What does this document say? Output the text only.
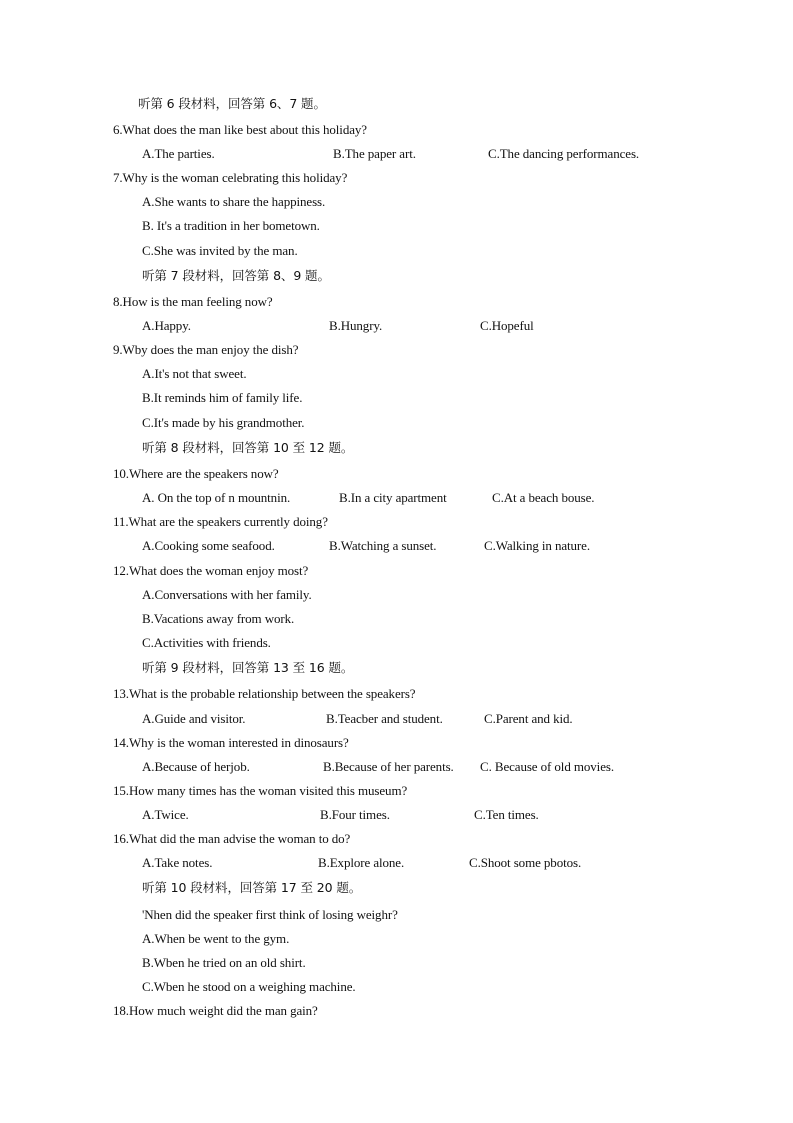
听第 6 段材料，回答第 6、7 题。
6.What does the man like best about this holiday?
A.The parties.	B.The paper art.	C.The dancing performances.
7.Why is the woman celebrating this holiday?
A.She wants to share the happiness.
B. It's a tradition in her bometown.
C.She was invited by the man.
听第 7 段材料，回答第 8、9 题。
8.How is the man feeling now?
A.Happy.	B.Hungry.	C.Hopeful
9.Wby does the man enjoy the dish?
A.It's not that sweet.
B.It reminds him of family life.
C.It's made by his grandmother.
听第 8 段材料，回答第 10 至 12 题。
10.Where are the speakers now?
A. On the top of n mountnin.	B.In a city apartment	C.At a beach bouse.
11.What are the speakers currently doing?
A.Cooking some seafood.	B.Watching a sunset.	C.Walking in nature.
12.What does the woman enjoy most?
A.Conversations with her family.
B.Vacations away from work.
C.Activities with friends.
听第 9 段材料，回答第 13 至 16 题。
13.What is the probable relationship between the speakers?
A.Guide and visitor.	B.Teacber and student.	C.Parent and kid.
14.Why is the woman interested in dinosaurs?
A.Because of herjob.	B.Because of her parents. C. Because of old movies.
15.How many times has the woman visited this museum?
A.Twice.	B.Four times.	C.Ten times.
16.What did the man advise the woman to do?
A.Take notes.	B.Explore alone.	C.Shoot some pbotos.
听第 10 段材料，回答第 17 至 20 题。
'Nhen did the speaker first think of losing weighr?
A.When be went to the gym.
B.Wben he tried on an old shirt.
C.Wben he stood on a weighing machine.
18.How much weight did the man gain?
